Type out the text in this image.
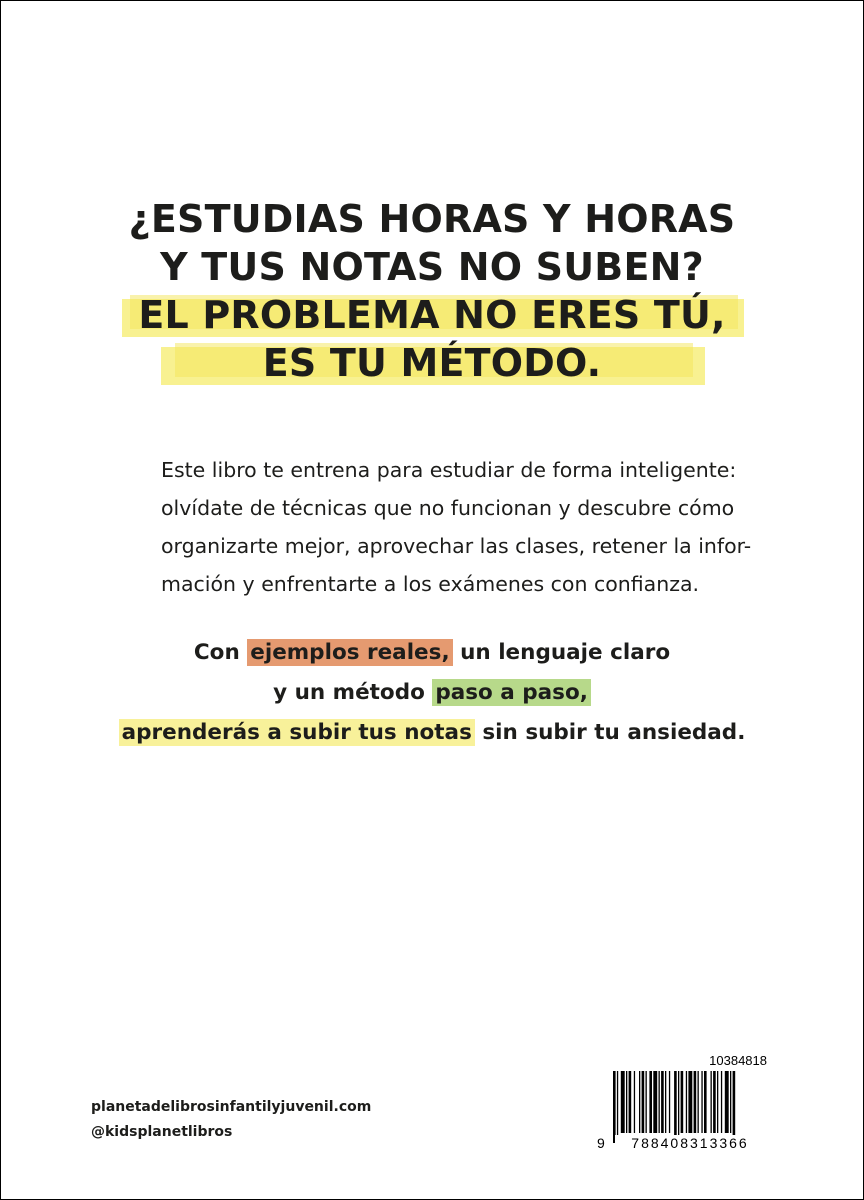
¿ESTUDIAS HORAS Y HORAS
Y TUS NOTAS NO SUBEN?
EL PROBLEMA NO ERES TÚ,
ES TU MÉTODO.
Este libro te entrena para estudiar de forma inteligente:
olvídate de técnicas que no funcionan y descubre cómo
organizarte mejor, aprovechar las clases, retener la infor-
mación y enfrentarte a los exámenes con confianza.
Con ejemplos reales, un lenguaje claro
y un método paso a paso,
aprenderás a subir tus notas sin subir tu ansiedad.
planetadelibrosinfantilyjuvenil.com
@kidsplanetlibros
10384818
9	788408313366
